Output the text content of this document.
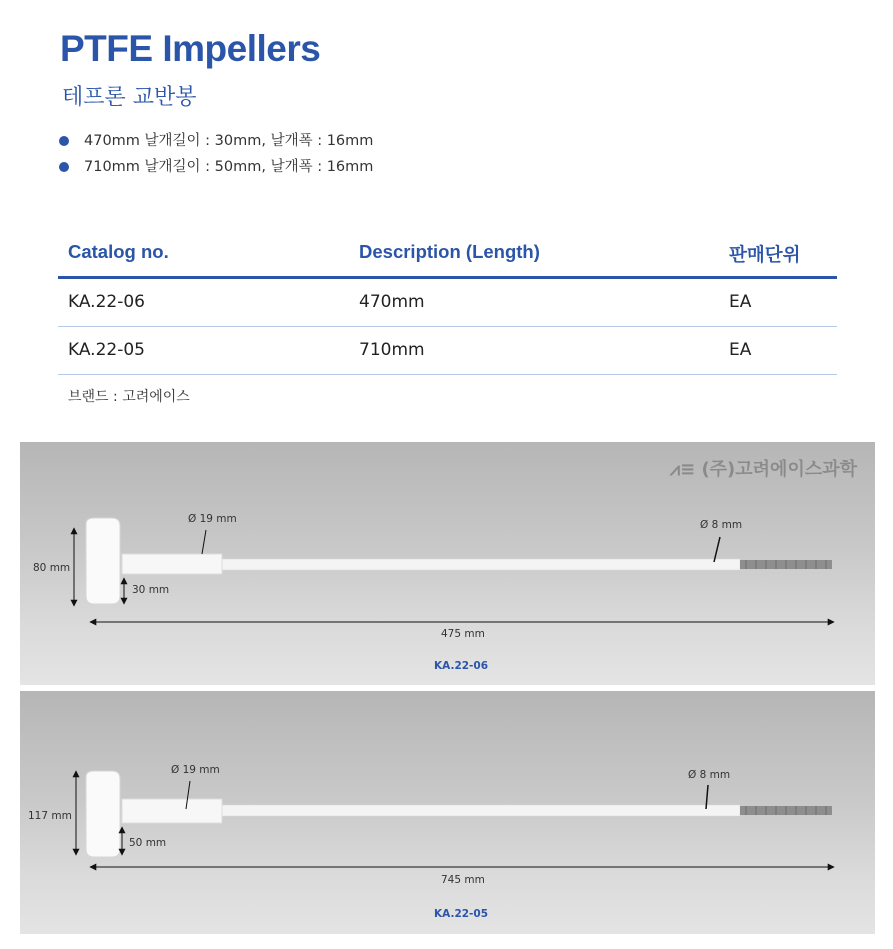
PTFE Impellers
테프론 교반봉
470mm 날개길이 : 30mm, 날개폭 : 16mm
710mm 날개길이 : 50mm, 날개폭 : 16mm
Catalog no.	Description (Length)	판매단위
KA.22-06	470mm	EA
KA.22-05	710mm	EA
브랜드 : 고려에이스
⩘≡ (주)고려에이스과학
Ø 19 mm	Ø 8 mm
80 mm
30 mm
475 mm
KA.22-06
Ø 19 mm	Ø 8 mm
117 mm
50 mm
745 mm
KA.22-05
